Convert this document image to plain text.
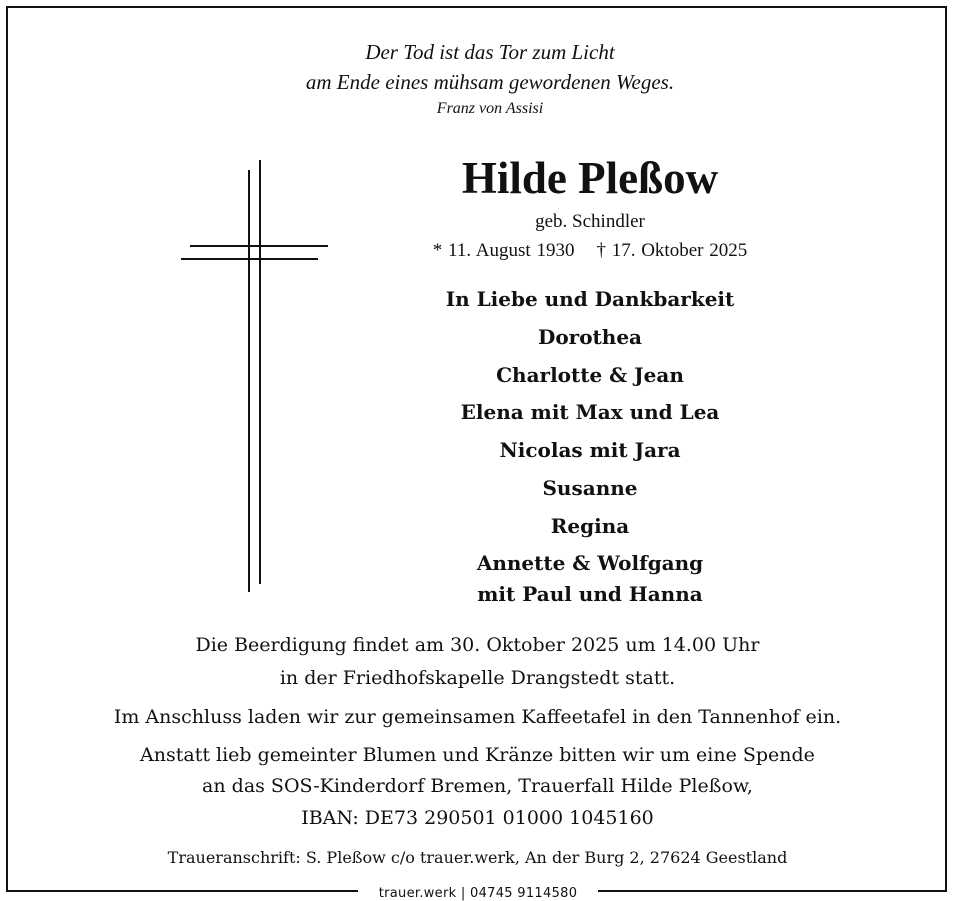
Der Tod ist das Tor zum Licht
am Ende eines mühsam gewordenen Weges.
Franz von Assisi
Hilde Pleßow
geb. Schindler
* 11. August 1930 † 17. Oktober 2025
In Liebe und Dankbarkeit
Dorothea
Charlotte & Jean
Elena mit Max und Lea
Nicolas mit Jara
Susanne
Regina
Annette & Wolfgang
mit Paul und Hanna
Die Beerdigung findet am 30. Oktober 2025 um 14.00 Uhr
in der Friedhofskapelle Drangstedt statt.
Im Anschluss laden wir zur gemeinsamen Kaffeetafel in den Tannenhof ein.
Anstatt lieb gemeinter Blumen und Kränze bitten wir um eine Spende
an das SOS-Kinderdorf Bremen, Trauerfall Hilde Pleßow,
IBAN: DE73 290501 01000 1045160
Traueranschrift: S. Pleßow c/o trauer.werk, An der Burg 2, 27624 Geestland
trauer.werk | 04745 9114580
